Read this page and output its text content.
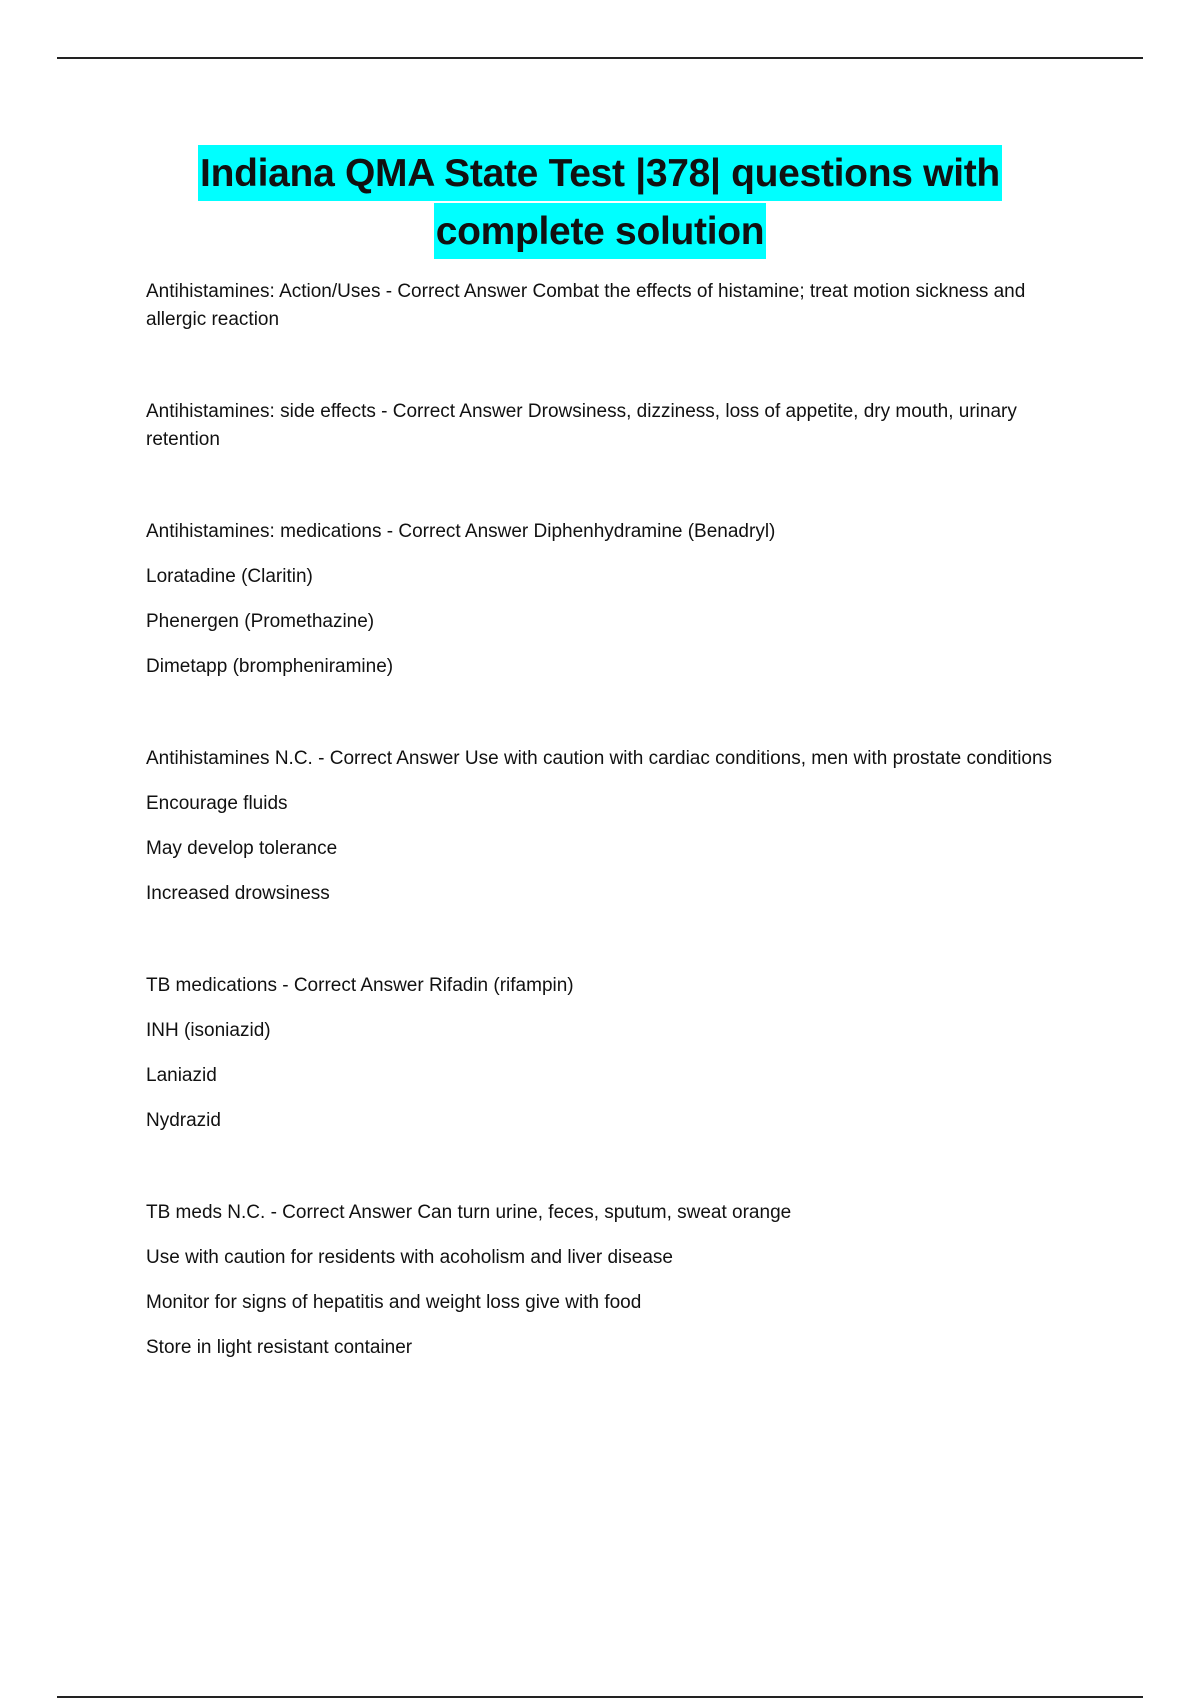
Indiana QMA State Test |378| questions with
complete solution

Antihistamines: Action/Uses - Correct Answer Combat the effects of histamine; treat motion sickness and allergic reaction

Antihistamines: side effects - Correct Answer Drowsiness, dizziness, loss of appetite, dry mouth, urinary retention

Antihistamines: medications - Correct Answer Diphenhydramine (Benadryl)

Loratadine (Claritin)

Phenergen (Promethazine)

Dimetapp (brompheniramine)

Antihistamines N.C. - Correct Answer Use with caution with cardiac conditions, men with prostate conditions

Encourage fluids

May develop tolerance

Increased drowsiness

TB medications - Correct Answer Rifadin (rifampin)

INH (isoniazid)

Laniazid

Nydrazid

TB meds N.C. - Correct Answer Can turn urine, feces, sputum, sweat orange

Use with caution for residents with acoholism and liver disease

Monitor for signs of hepatitis and weight loss give with food

Store in light resistant container
